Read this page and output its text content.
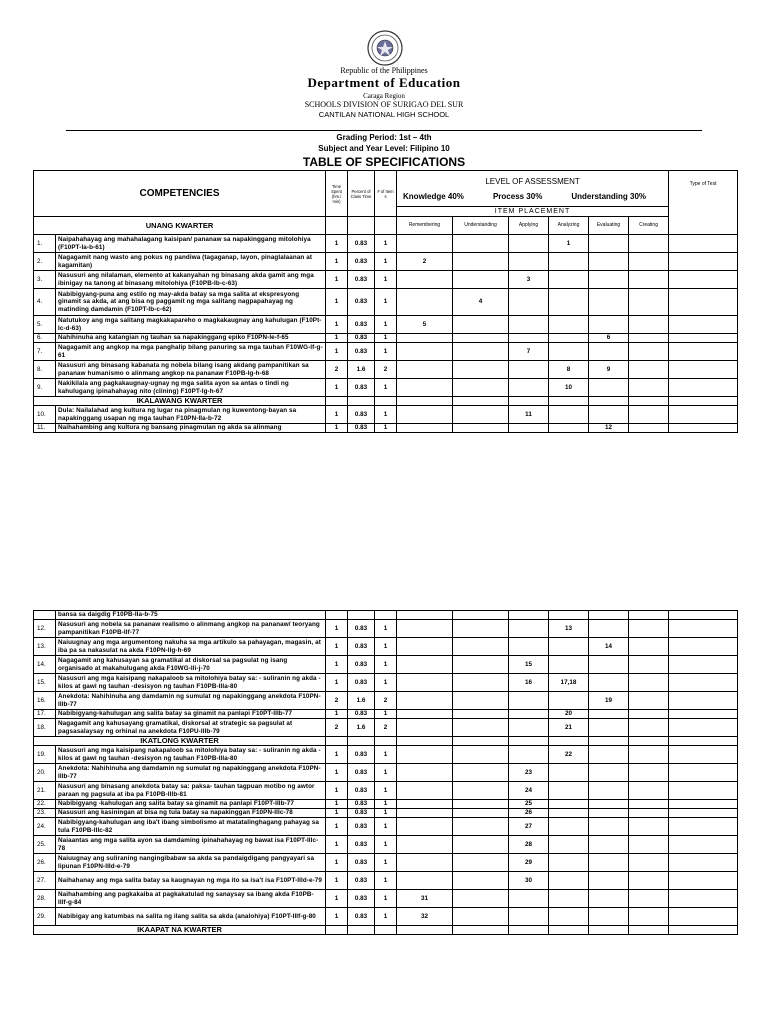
Republic of the Philippines
Department of Education
Caraga Region
SCHOOLS DIVISION OF SURIGAO DEL SUR
CANTILAN NATIONAL HIGH SCHOOL
Grading Period: 1st – 4th
Subject and Year Level: Filipino 10
TABLE OF SPECIFICATIONS
COMPETENCIES		Time Spent (hrs./ min)	Percent of Class Time	# of Item s	LEVEL OF ASSESSMENT
Knowledge 40% Process 30% Understanding 30%						Type of Test
					ITEM PLACEMENT						
UNANG KWARTER					Remembering	Understanding	Applying	Analyzing	Evaluating	Creating	
1.	Naipahahayag ang mahahalagang kaisipan/ pananaw sa napakinggang mitolohiya (F10PT-Ia-b-61)	1	0.83	1				1			
2.	Nagagamit nang wasto ang pokus ng pandiwa (tagaganap, layon, pinaglalaanan at kagamitan)	1	0.83	1	2						
3.	Nasusuri ang nilalaman, elemento at kakanyahan ng binasang akda gamit ang mga ibinigay na tanong at binasang mitolohiya (F10PB-Ib-c-63)	1	0.83	1			3				
4.	Nabibigyang-puna ang estilo ng may-akda batay sa mga salita at ekspresyong ginamit sa akda, at ang bisa ng paggamit ng mga salitang nagpapahayag ng matinding damdamin (F10PT-Ib-c-62)	1	0.83	1		4					
5.	Natutukoy ang mga salitang magkakapareho o magkakaugnay ang kahulugan (F10Pt-Ic-d-63)	1	0.83	1	5						
6.	Nahihinuha ang katangian ng tauhan sa napakinggang epiko F10PN-Ie-f-65	1	0.83	1					6		
7.	Nagagamit ang angkop na mga panghalip bilang panuring sa mga tauhan F10WG-If-g-61	1	0.83	1			7				
8.	Nasusuri ang binasang kabanata ng nobela bilang isang akdang pampanitikan sa pananaw humanismo o alinmang angkop na pananaw F10PB-Ig-h-68	2	1.6	2				8	9		
9.	Nakikilala ang pagkakaugnay-ugnay ng mga salita ayon sa antas o tindi ng kahulugang ipinahahayag nito (clining) F10PT-Ig-h-67	1	0.83	1				10			
IKALAWANG KWARTER											
10.	Dula: Nailalahad ang kultura ng lugar na pinagmulan ng kuwentong-bayan sa napakinggang usapan ng mga tauhan F10PN-IIa-b-72	1	0.83	1			11				
11.	Naihahambing ang kultura ng bansang pinagmulan ng akda sa alinmang	1	0.83	1					12		
	bansa sa daigdig F10PB-IIa-b-75										
12.	Nasusuri ang nobela sa pananaw realismo o alinmang angkop na pananaw/ teoryang pampanitikan F10PB-IIf-77	1	0.83	1				13			
13.	Naiuugnay ang mga argumentong nakuha sa mga artikulo sa pahayagan, magasin, at iba pa sa nakasulat na akda F10PN-IIg-h-69	1	0.83	1					14		
14.	Nagagamit ang kahusayan sa gramatikal at diskorsal sa pagsulat ng isang organisado at makahulugang akda F10WG-IIi-j-70	1	0.83	1			15				
15.	Nasusuri ang mga kaisipang nakapaloob sa mitolohiya batay sa: - suliranin ng akda - kilos at gawi ng tauhan -desisyon ng tauhan F10PB-IIIa-80	1	0.83	1			16	17,18			
16.	Anekdota: Nahihinuha ang damdamin ng sumulat ng napakinggang anekdota F10PN-IIIb-77	2	1.6	2					19		
17.	Nabibigyang-kahulugan ang salita batay sa ginamit na panlapi F10PT-IIIb-77	1	0.83	1				20			
18.	Nagagamit ang kahusayang gramatikal, diskorsal at strategic sa pagsulat at pagsasalaysay ng orhinal na anekdota F10PU-IIIb-79	2	1.6	2				21			
IKATLONG KWARTER											
19.	Nasusuri ang mga kaisipang nakapaloob sa mitolohiya batay sa: - suliranin ng akda - kilos at gawi ng tauhan -desisyon ng tauhan F10PB-IIIa-80	1	0.83	1				22			
20.	Anekdota: Nahihinuha ang damdamin ng sumulat ng napakinggang anekdota F10PN-IIIb-77	1	0.83	1			23				
21.	Nasusuri ang binasang anekdota batay sa: paksa- tauhan tagpuan motibo ng awtor paraan ng pagsula at iba pa F10PB-IIIb-81	1	0.83	1			24				
22.	Nabibigyang -kahulugan ang salita batay sa ginamit na panlapi F10PT-IIIb-77	1	0.83	1			25				
23.	Nasusuri ang kasiningan at bisa ng tula batay sa napakinggan F10PN-IIIc-78	1	0.83	1			26				
24.	Nabibigyang-kahulugan ang iba't ibang simbolismo at matatalinghagang pahayag sa tula F10PB-IIIc-82	1	0.83	1			27				
25.	Naiaantas ang mga salita ayon sa damdaming ipinahahayag ng bawat isa F10PT-IIIc-78	1	0.83	1			28				
26.	Naiuugnay ang suliraning nangingibabaw sa akda sa pandaigdigang pangyayari sa lipunan F10PN-IIId-e-79	1	0.83	1			29				
27.	Naihahanay ang mga salita batay sa kaugnayan ng mga ito sa isa't isa F10PT-IIId-e-79	1	0.83	1			30				
28.	Naihahambing ang pagkakaiba at pagkakatulad ng sanaysay sa ibang akda F10PB-IIIf-g-84	1	0.83	1	31						
29.	Nabibigay ang katumbas na salita ng ilang salita sa akda (analohiya) F10PT-IIIf-g-80	1	0.83	1	32						
IKAAPAT NA KWARTER											
